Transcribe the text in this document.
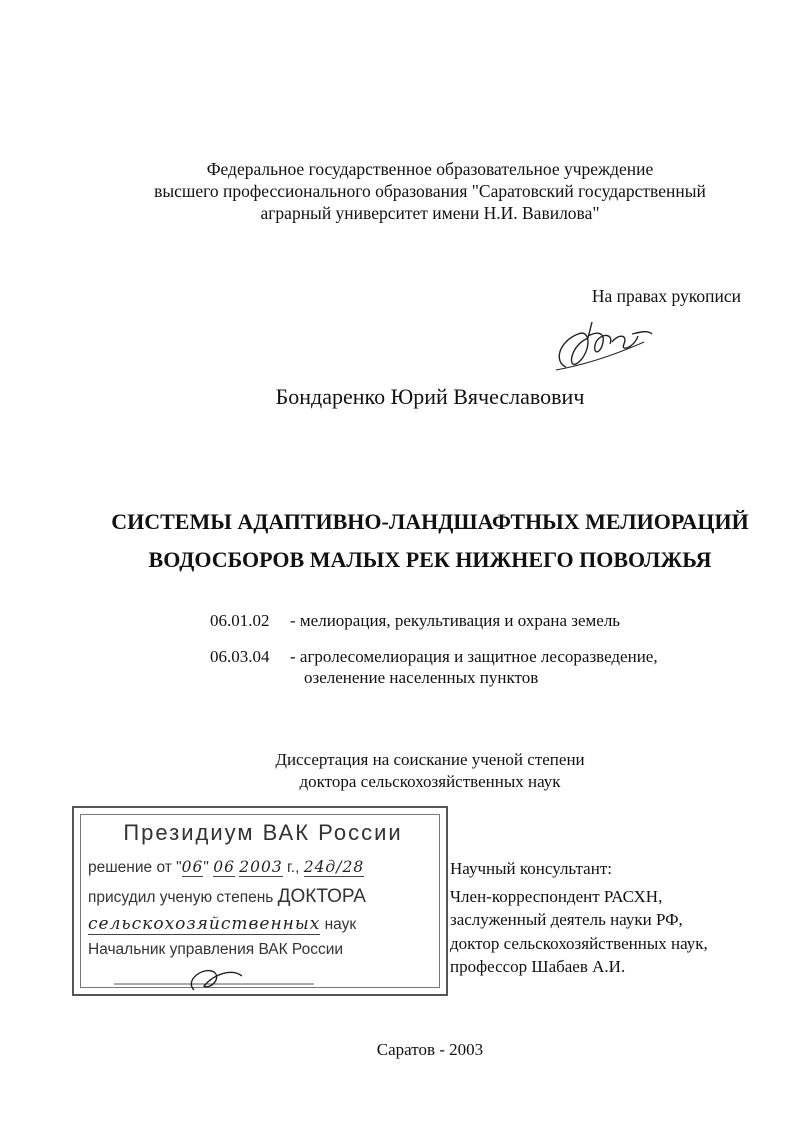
Федеральное государственное образовательное учреждение
высшего профессионального образования "Саратовский государственный
аграрный университет имени Н.И. Вавилова"
На правах рукописи
Бондаренко Юрий Вячеславович
СИСТЕМЫ АДАПТИВНО-ЛАНДШАФТНЫХ МЕЛИОРАЦИЙ
ВОДОСБОРОВ МАЛЫХ РЕК НИЖНЕГО ПОВОЛЖЬЯ
06.01.02 - мелиорация, рекультивация и охрана земель
06.03.04 - агролесомелиорация и защитное лесоразведение,
озеленение населенных пунктов
Диссертация на соискание ученой степени
доктора сельскохозяйственных наук
Президиум ВАК России
решение от "06" 06 2003 г., 24д/28
присудил ученую степень ДОКТОРА
сельскохозяйственных наук
Начальник управления ВАК России
Научный консультант:
Член-корреспондент РАСХН,
заслуженный деятель науки РФ,
доктор сельскохозяйственных наук,
профессор Шабаев А.И.
Саратов - 2003
